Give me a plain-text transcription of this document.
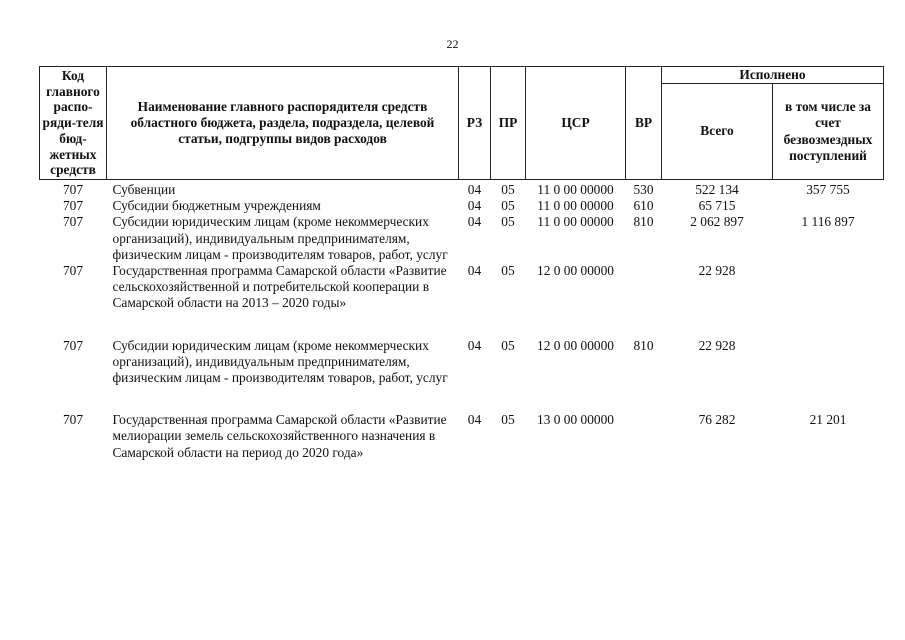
22
Код главного распо-ряди-теля бюд-жетных средств	Наименование главного распорядителя средств областного бюджета, раздела, подраздела, целевой статьи, подгруппы видов расходов	РЗ	ПР	ЦСР	ВР	Исполнено	
						Всего	в том числе за счет безвозмездных поступлений
707	Субвенции	04	05	11 0 00 00000	530	522 134	357 755
707	Субсидии бюджетным учреждениям	04	05	11 0 00 00000	610	65 715	
707	Субсидии юридическим лицам (кроме некоммерческих организаций), индивидуальным предпринимателям, физическим лицам - производителям товаров, работ, услуг	04	05	11 0 00 00000	810	2 062 897	1 116 897
707	Государственная программа Самарской области «Развитие сельскохозяйственной и потребительской кооперации в Самарской области на 2013 – 2020 годы»	04	05	12 0 00 00000		22 928	

707	Субсидии юридическим лицам (кроме некоммерческих организаций), индивидуальным предпринимателям, физическим лицам - производителям товаров, работ, услуг	04	05	12 0 00 00000	810	22 928	

707	Государственная программа Самарской области «Развитие мелиорации земель сельскохозяйственного назначения в Самарской области на период до 2020 года»	04	05	13 0 00 00000		76 282	21 201
